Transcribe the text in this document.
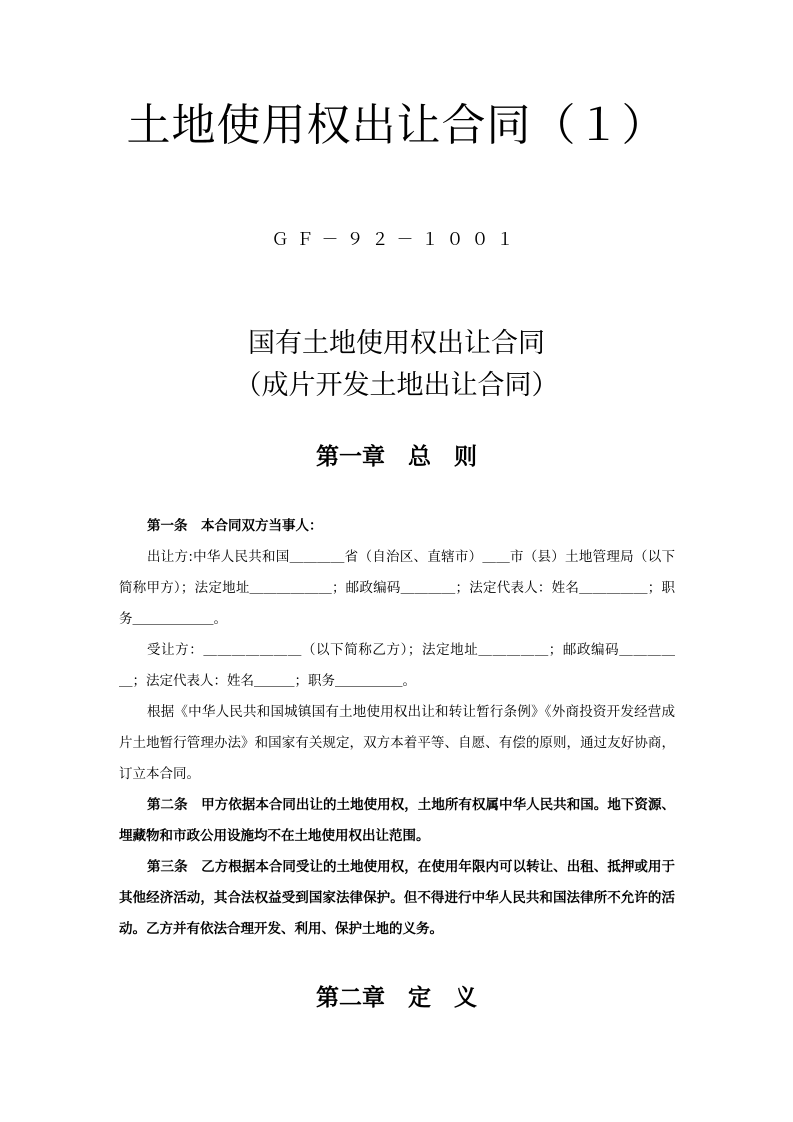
土地使用权出让合同（１）
ＧＦ－９２－１００１
国有土地使用权出让合同
（成片开发土地出让合同）
第一章　总　则

第一条　本合同双方当事人：

出让方:中华人民共和国＿＿＿＿省（自治区、直辖市）＿＿市（县）土地管理局（以下简称甲方）；法定地址＿＿＿＿＿＿；邮政编码＿＿＿＿；法定代表人：姓名＿＿＿＿＿；职务＿＿＿＿＿＿。

受让方：＿＿＿＿＿＿＿（以下简称乙方）；法定地址＿＿＿＿＿；邮政编码＿＿＿＿＿；法定代表人：姓名＿＿＿；职务＿＿＿＿＿。

根据《中华人民共和国城镇国有土地使用权出让和转让暂行条例》《外商投资开发经营成片土地暂行管理办法》和国家有关规定，双方本着平等、自愿、有偿的原则，通过友好协商，订立本合同。

第二条　甲方依据本合同出让的土地使用权，土地所有权属中华人民共和国。地下资源、埋藏物和市政公用设施均不在土地使用权出让范围。

第三条　乙方根据本合同受让的土地使用权，在使用年限内可以转让、出租、抵押或用于其他经济活动，其合法权益受到国家法律保护。但不得进行中华人民共和国法律所不允许的活动。乙方并有依法合理开发、利用、保护土地的义务。

第二章　定　义
